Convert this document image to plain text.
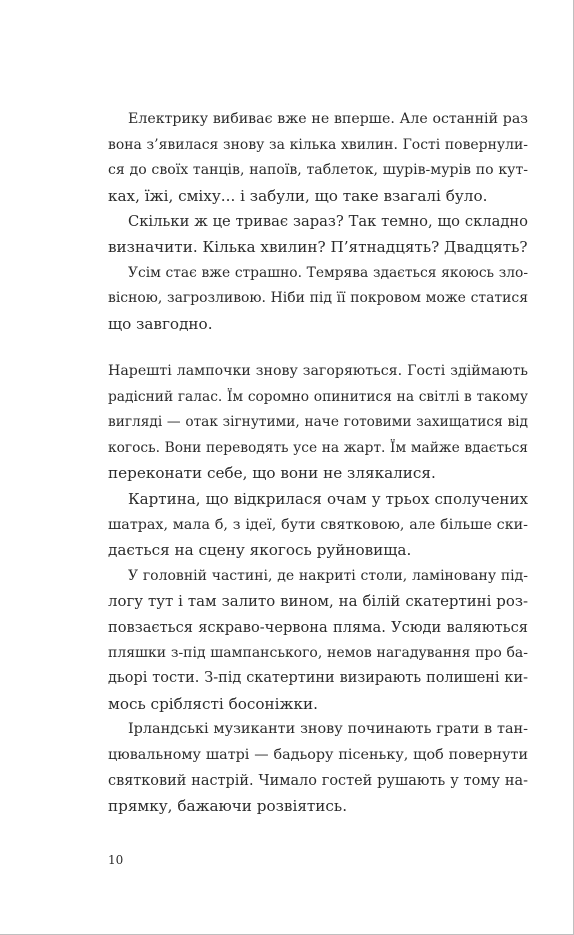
Електрику вибиває вже не вперше. Але останній раз
вона з’явилася знову за кілька хвилин. Гості повернули-
ся до своїх танців, напоїв, таблеток, шурів-мурів по кут-
ках, їжі, сміху... і забули, що таке взагалі було.

Скільки ж це триває зараз? Так темно, що складно
визначити. Кілька хвилин? П’ятнадцять? Двадцять?

Усім стає вже страшно. Темрява здається якоюсь зло-
вісною, загрозливою. Ніби під її покровом може статися
що завгодно.

Нарешті лампочки знову загоряються. Гості здіймають
радісний галас. Їм соромно опинитися на світлі в такому
вигляді — отак зігнутими, наче готовими захищатися від
когось. Вони переводять усе на жарт. Їм майже вдається
переконати себе, що вони не злякалися.

Картина, що відкрилася очам у трьох сполучених
шатрах, мала б, з ідеї, бути святковою, але більше ски-
дається на сцену якогось руйновища.

У головній частині, де накриті столи, ламіновану під-
логу тут і там залито вином, на білій скатертині роз-
повзається яскраво-червона пляма. Усюди валяються
пляшки з-під шампанського, немов нагадування про ба-
дьорі тости. З-під скатертини визирають полишені ки-
мось сріблясті босоніжки.

Ірландські музиканти знову починають грати в тан-
цювальному шатрі — бадьору пісеньку, щоб повернути
святковий настрій. Чимало гостей рушають у тому на-
прямку, бажаючи розвіятись.

10
